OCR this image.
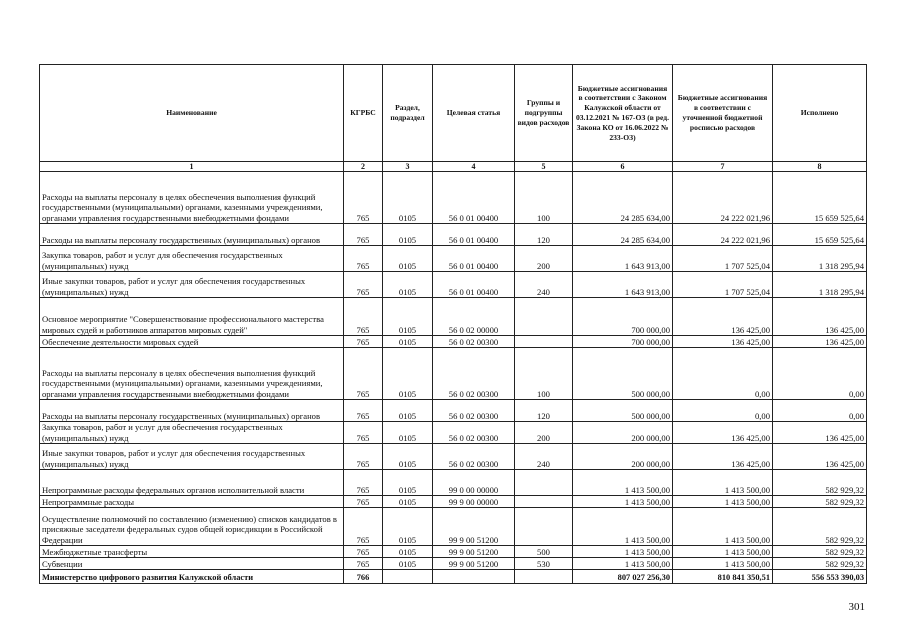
Наименование	КГРБС	Раздел, подраздел	Целевая статья	Группы и подгруппы видов расходов	Бюджетные ассигнования в соответствии с Законом Калужской области от 03.12.2021 № 167-ОЗ (в ред. Закона КО от 16.06.2022 № 233-ОЗ)	Бюджетные ассигнования в соответствии с уточненной бюджетной росписью расходов	Исполнено
1	2	3	4	5	6	7	8
Расходы на выплаты персоналу в целях обеспечения выполнения функций государственными (муниципальными) органами, казенными учреждениями, органами управления государственными внебюджетными фондами	765	0105	56 0 01 00400	100	24 285 634,00	24 222 021,96	15 659 525,64
Расходы на выплаты персоналу государственных (муниципальных) органов	765	0105	56 0 01 00400	120	24 285 634,00	24 222 021,96	15 659 525,64
Закупка товаров, работ и услуг для обеспечения государственных (муниципальных) нужд	765	0105	56 0 01 00400	200	1 643 913,00	1 707 525,04	1 318 295,94
Иные закупки товаров, работ и услуг для обеспечения государственных (муниципальных) нужд	765	0105	56 0 01 00400	240	1 643 913,00	1 707 525,04	1 318 295,94
Основное мероприятие "Совершенствование профессионального мастерства мировых судей и работников аппаратов мировых судей"	765	0105	56 0 02 00000		700 000,00	136 425,00	136 425,00
Обеспечение деятельности мировых судей	765	0105	56 0 02 00300		700 000,00	136 425,00	136 425,00
Расходы на выплаты персоналу в целях обеспечения выполнения функций государственными (муниципальными) органами, казенными учреждениями, органами управления государственными внебюджетными фондами	765	0105	56 0 02 00300	100	500 000,00	0,00	0,00
Расходы на выплаты персоналу государственных (муниципальных) органов	765	0105	56 0 02 00300	120	500 000,00	0,00	0,00
Закупка товаров, работ и услуг для обеспечения государственных (муниципальных) нужд	765	0105	56 0 02 00300	200	200 000,00	136 425,00	136 425,00
Иные закупки товаров, работ и услуг для обеспечения государственных (муниципальных) нужд	765	0105	56 0 02 00300	240	200 000,00	136 425,00	136 425,00
Непрограммные расходы федеральных органов исполнительной власти	765	0105	99 0 00 00000		1 413 500,00	1 413 500,00	582 929,32
Непрограммные расходы	765	0105	99 9 00 00000		1 413 500,00	1 413 500,00	582 929,32
Осуществление полномочий по составлению (изменению) списков кандидатов в присяжные заседатели федеральных судов общей юрисдикции в Российской Федерации	765	0105	99 9 00 51200		1 413 500,00	1 413 500,00	582 929,32
Межбюджетные трансферты	765	0105	99 9 00 51200	500	1 413 500,00	1 413 500,00	582 929,32
Субвенции	765	0105	99 9 00 51200	530	1 413 500,00	1 413 500,00	582 929,32
Министерство цифрового развития Калужской области	766				807 027 256,30	810 841 350,51	556 553 390,03
301
